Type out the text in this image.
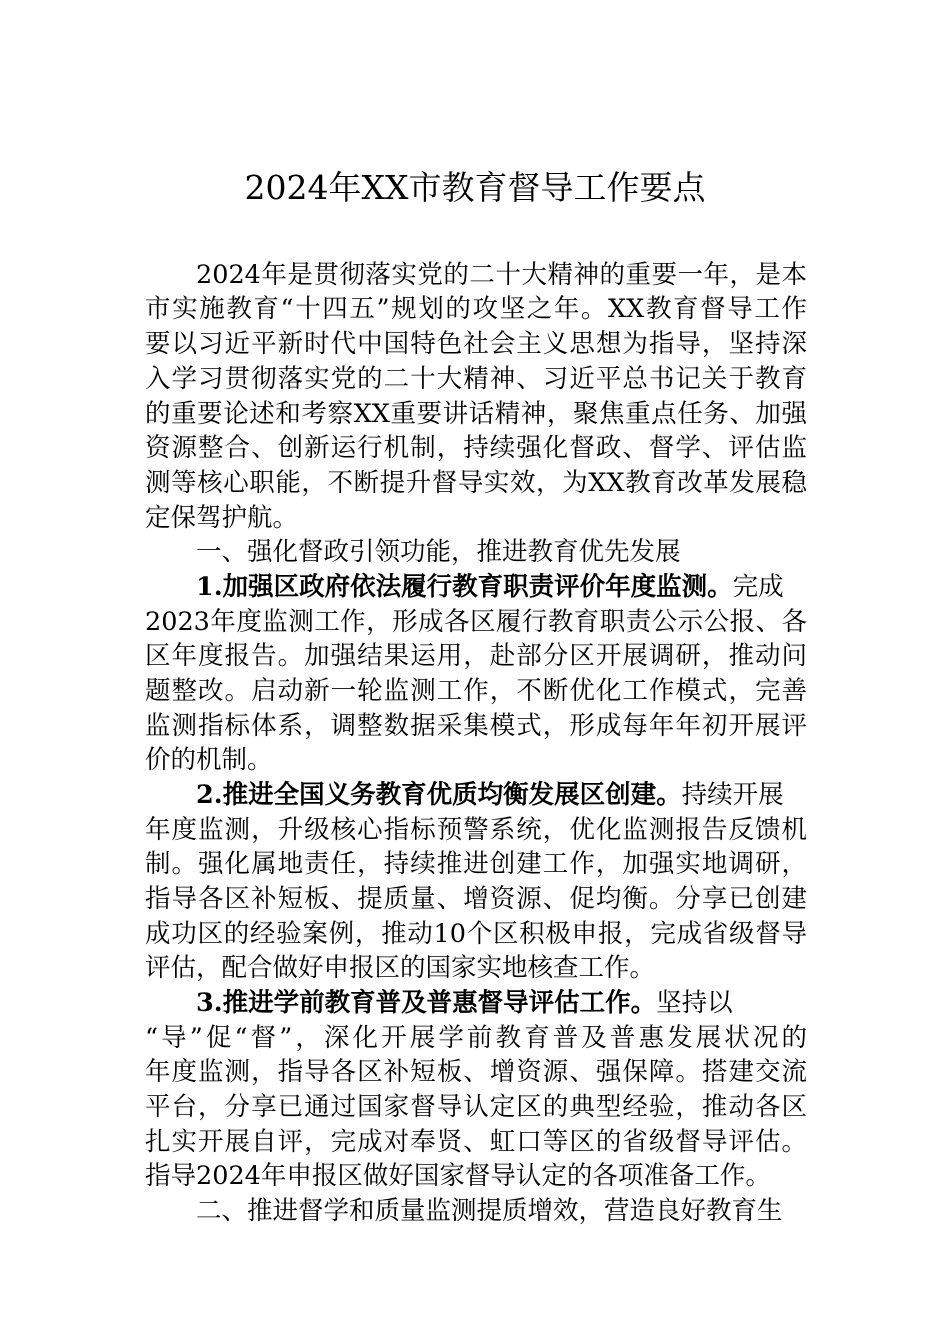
2024年XX市教育督导工作要点
2024年是贯彻落实党的二十大精神的重要一年，是本
市实施教育“十四五”规划的攻坚之年。XX教育督导工作
要以习近平新时代中国特色社会主义思想为指导，坚持深
入学习贯彻落实党的二十大精神、习近平总书记关于教育
的重要论述和考察XX重要讲话精神，聚焦重点任务、加强
资源整合、创新运行机制，持续强化督政、督学、评估监
测等核心职能，不断提升督导实效，为XX教育改革发展稳
定保驾护航。
一、强化督政引领功能，推进教育优先发展
1.加强区政府依法履行教育职责评价年度监测。完成
2023年度监测工作，形成各区履行教育职责公示公报、各
区年度报告。加强结果运用，赴部分区开展调研，推动问
题整改。启动新一轮监测工作，不断优化工作模式，完善
监测指标体系，调整数据采集模式，形成每年年初开展评
价的机制。
2.推进全国义务教育优质均衡发展区创建。持续开展
年度监测，升级核心指标预警系统，优化监测报告反馈机
制。强化属地责任，持续推进创建工作，加强实地调研，
指导各区补短板、提质量、增资源、促均衡。分享已创建
成功区的经验案例，推动10个区积极申报，完成省级督导
评估，配合做好申报区的国家实地核查工作。
3.推进学前教育普及普惠督导评估工作。坚持以
“导”促“督”，深化开展学前教育普及普惠发展状况的
年度监测，指导各区补短板、增资源、强保障。搭建交流
平台，分享已通过国家督导认定区的典型经验，推动各区
扎实开展自评，完成对奉贤、虹口等区的省级督导评估。
指导2024年申报区做好国家督导认定的各项准备工作。
二、推进督学和质量监测提质增效，营造良好教育生
